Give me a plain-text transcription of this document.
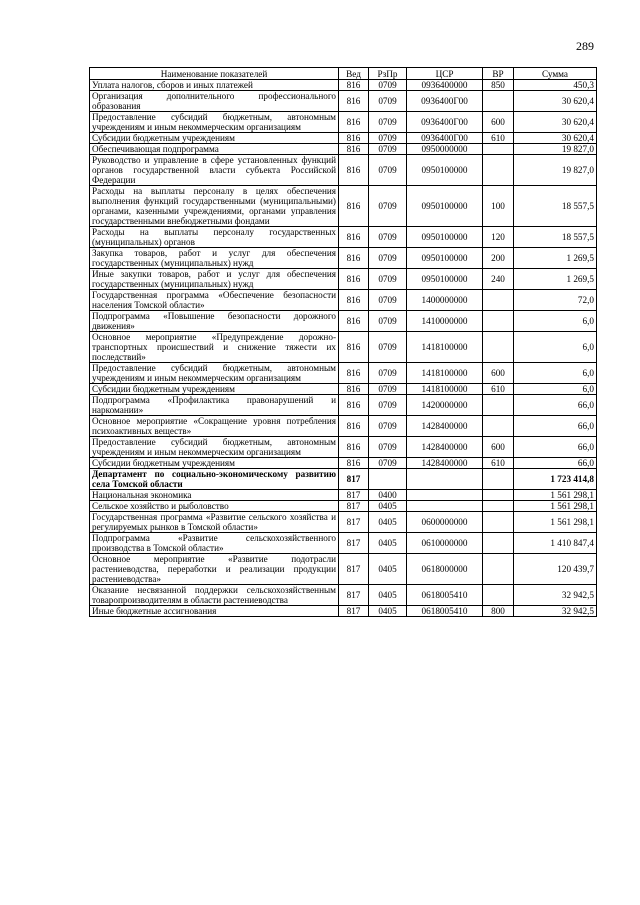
289
Наименование показателей	Вед	РзПр	ЦСР	ВР	Сумма
Уплата налогов, сборов и иных платежей	816	0709	0936400000	850	450,3
Организация дополнительного профессионального образования	816	0709	0936400Г00		30 620,4
Предоставление субсидий бюджетным, автономным учреждениям и иным некоммерческим организациям	816	0709	0936400Г00	600	30 620,4
Субсидии бюджетным учреждениям	816	0709	0936400Г00	610	30 620,4
Обеспечивающая подпрограмма	816	0709	0950000000		19 827,0
Руководство и управление в сфере установленных функций органов государственной власти субъекта Российской Федерации	816	0709	0950100000		19 827,0
Расходы на выплаты персоналу в целях обеспечения выполнения функций государственными (муниципальными) органами, казенными учреждениями, органами управления государственными внебюджетными фондами	816	0709	0950100000	100	18 557,5
Расходы на выплаты персоналу государственных (муниципальных) органов	816	0709	0950100000	120	18 557,5
Закупка товаров, работ и услуг для обеспечения государственных (муниципальных) нужд	816	0709	0950100000	200	1 269,5
Иные закупки товаров, работ и услуг для обеспечения государственных (муниципальных) нужд	816	0709	0950100000	240	1 269,5
Государственная программа «Обеспечение безопасности населения Томской области»	816	0709	1400000000		72,0
Подпрограмма «Повышение безопасности дорожного движения»	816	0709	1410000000		6,0
Основное мероприятие «Предупреждение дорожно-транспортных происшествий и снижение тяжести их последствий»	816	0709	1418100000		6,0
Предоставление субсидий бюджетным, автономным учреждениям и иным некоммерческим организациям	816	0709	1418100000	600	6,0
Субсидии бюджетным учреждениям	816	0709	1418100000	610	6,0
Подпрограмма «Профилактика правонарушений и наркомании»	816	0709	1420000000		66,0
Основное мероприятие «Сокращение уровня потребления психоактивных веществ»	816	0709	1428400000		66,0
Предоставление субсидий бюджетным, автономным учреждениям и иным некоммерческим организациям	816	0709	1428400000	600	66,0
Субсидии бюджетным учреждениям	816	0709	1428400000	610	66,0
Департамент по социально-экономическому развитию села Томской области	817				1 723 414,8
Национальная экономика	817	0400			1 561 298,1
Сельское хозяйство и рыболовство	817	0405			1 561 298,1
Государственная программа «Развитие сельского хозяйства и регулируемых рынков в Томской области»	817	0405	0600000000		1 561 298,1
Подпрограмма «Развитие сельскохозяйственного производства в Томской области»	817	0405	0610000000		1 410 847,4
Основное мероприятие «Развитие подотрасли растениеводства, переработки и реализации продукции растениеводства»	817	0405	0618000000		120 439,7
Оказание несвязанной поддержки сельскохозяйственным товаропроизводителям в области растениеводства	817	0405	0618005410		32 942,5
Иные бюджетные ассигнования	817	0405	0618005410	800	32 942,5
